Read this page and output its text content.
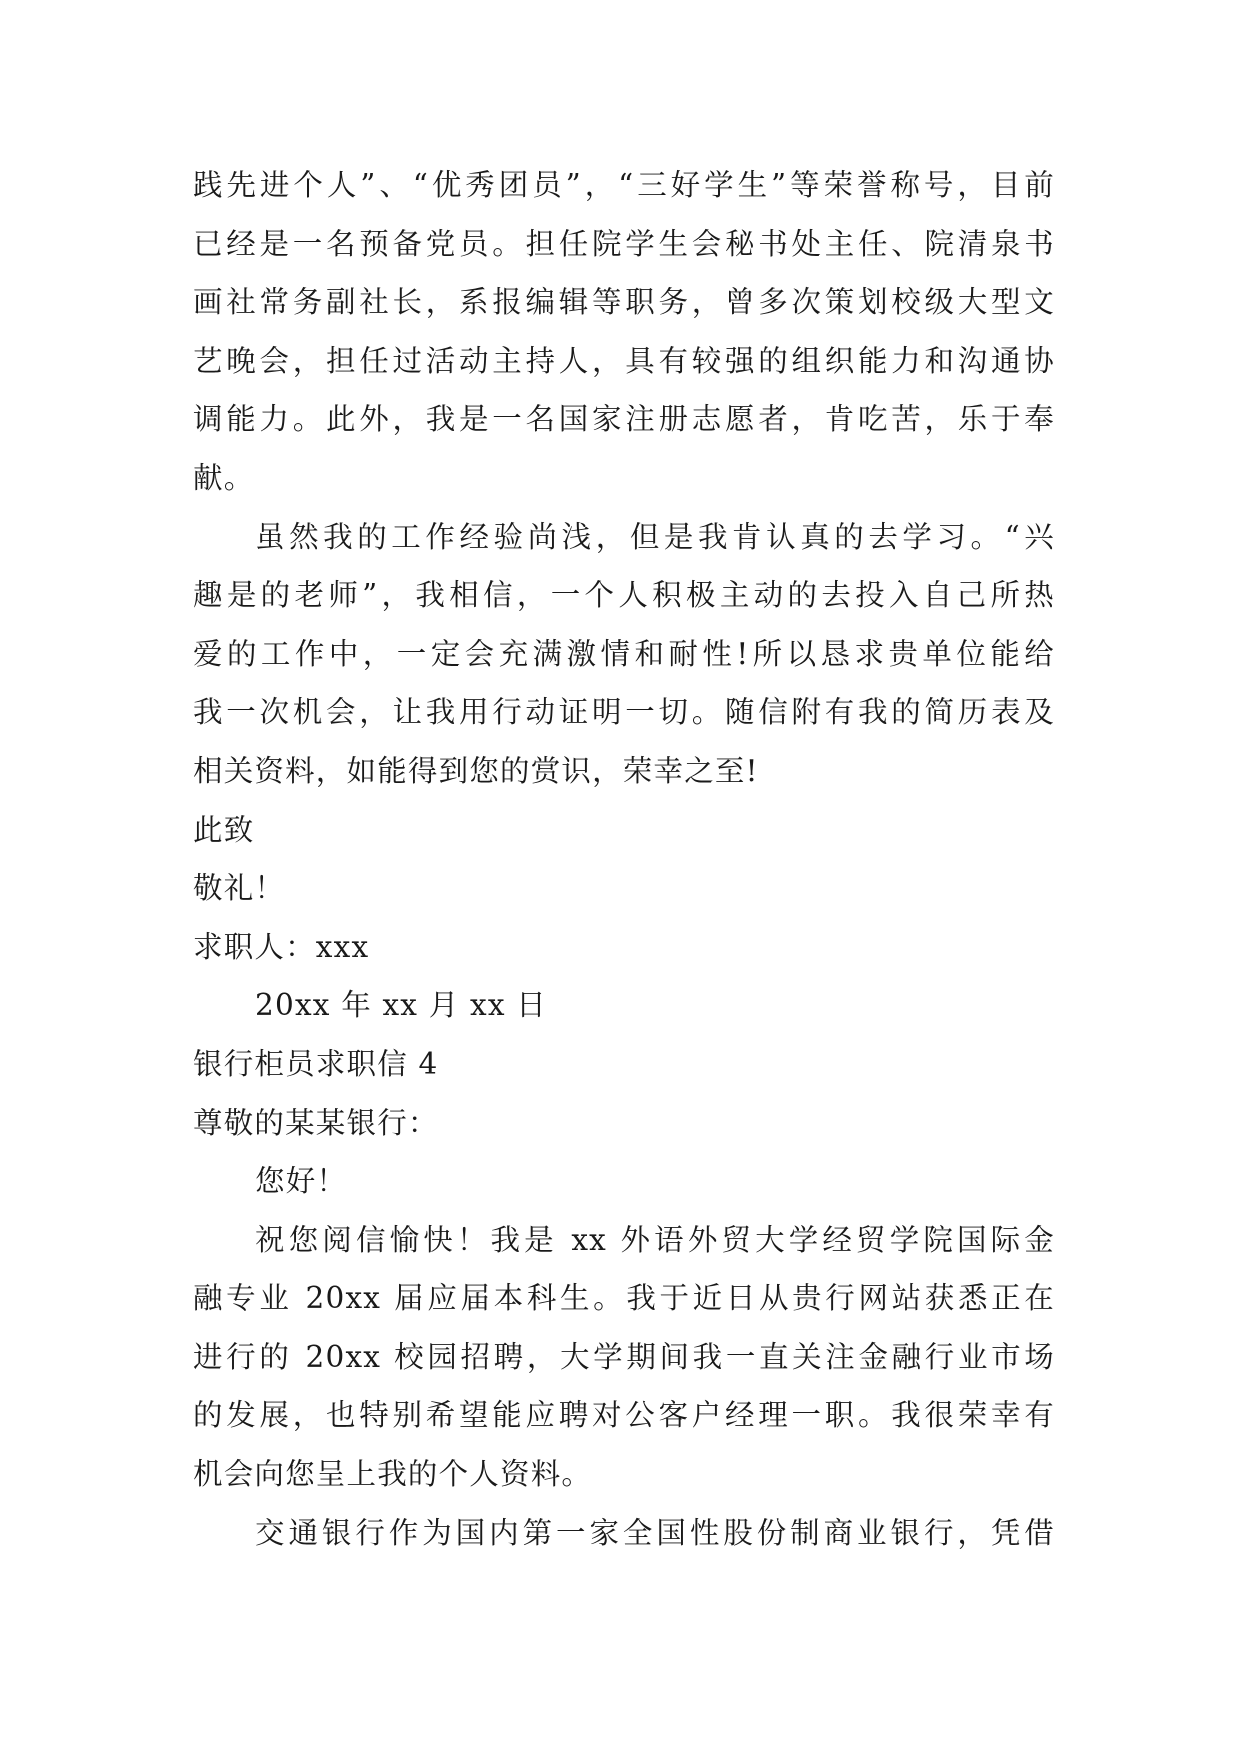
践先进个人”、“优秀团员”，“三好学生”等荣誉称号，目前
已经是一名预备党员。担任院学生会秘书处主任、院清泉书
画社常务副社长，系报编辑等职务，曾多次策划校级大型文
艺晚会，担任过活动主持人，具有较强的组织能力和沟通协
调能力。此外，我是一名国家注册志愿者，肯吃苦，乐于奉
献。
虽然我的工作经验尚浅，但是我肯认真的去学习。“兴
趣是的老师”，我相信，一个人积极主动的去投入自己所热
爱的工作中，一定会充满激情和耐性!所以恳求贵单位能给
我一次机会，让我用行动证明一切。随信附有我的简历表及
相关资料，如能得到您的赏识，荣幸之至!
此致
敬礼！
求职人：xxx
20xx 年 xx 月 xx 日
银行柜员求职信 4
尊敬的某某银行：
您好！
祝您阅信愉快！我是 xx 外语外贸大学经贸学院国际金
融专业 20xx 届应届本科生。我于近日从贵行网站获悉正在
进行的 20xx 校园招聘，大学期间我一直关注金融行业市场
的发展，也特别希望能应聘对公客户经理一职。我很荣幸有
机会向您呈上我的个人资料。
交通银行作为国内第一家全国性股份制商业银行，凭借
